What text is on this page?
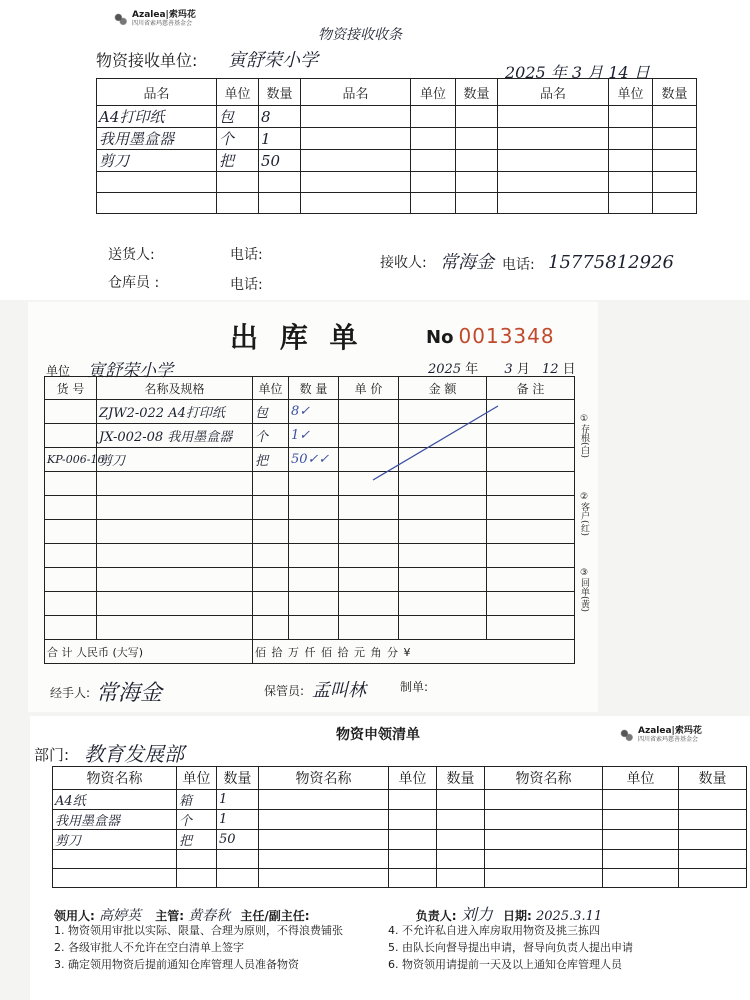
Azalea|索玛花
四川省索玛慈善基金会
物资接收收条
物资接收单位: 寅舒荣小学
2025 年 3 月 14 日
品名	单位	数量	品名	单位	数量	品名	单位	数量
A4打印纸	包	8						
我用墨盒器	个	1						
剪刀	把	50						

送货人:	电话:	接收人: 常海金 电话: 15775812926
仓库员 :	电话:
出 库 单	No 0013348
单位 寅舒荣小学	2025 年 3 月 12 日
货 号	名称及规格	单位	数 量	单 价	金 额	备 注
	ZJW2-022 A4打印纸	包	8✓			
	JX-002-08 我用墨盒器	个	1✓			
KP-006-16	剪刀	把	50✓✓			

合 计 人民币 (大写)		佰 拾 万 仟 佰 拾 元 角 分 ¥				
①存根(白)
②客户(红)
③回单(黄)
经手人: 常海金	保管员: 孟叫林	制单:
物资申领清单	Azalea|索玛花
四川省索玛慈善基金会
部门: 教育发展部
物资名称	单位	数量	物资名称	单位	数量	物资名称	单位	数量
A4纸	箱	1						
我用墨盒器	个	1						
剪刀	把	50						

领用人: 高婷英 主管: 黄春秋 主任/副主任:	负责人: 刘力 日期: 2025.3.11
1. 物资领用审批以实际、限量、合理为原则，不得浪费铺张
2. 各级审批人不允许在空白清单上签字
3. 确定领用物资后提前通知仓库管理人员准备物资
4. 不允许私自进入库房取用物资及挑三拣四
5. 由队长向督导提出申请，督导向负责人提出申请
6. 物资领用请提前一天及以上通知仓库管理人员
